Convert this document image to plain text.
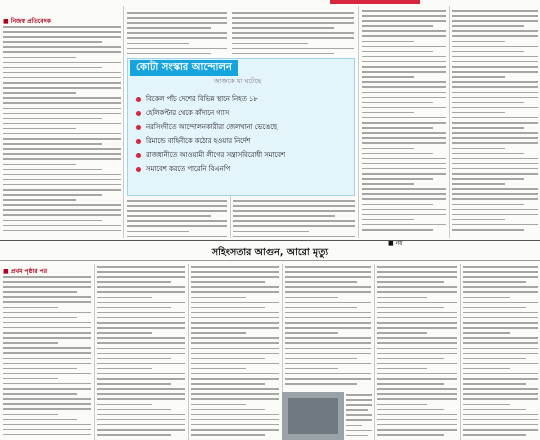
■ নিজস্ব প্রতিবেদক
কোটা সংস্কার আন্দোলন
আজকে যা ঘটেছে
বিকেল পাঁচ দেশের বিভিন্ন স্থানে নিহত ১৮
হেলিকপ্টার থেকে কাঁদানে গ্যাস
নরসিংদীতে আন্দোলনকারীরা জেলখানা ভেঙেছে
রিমান্ডে বাহিনীকে কঠোর হওয়ার নির্দেশ
রাজধানীতে আওয়ামী লীগের সন্ত্রাসবিরোধী সমাবেশ
সমাবেশ করতে পারেনি বিএনপি
■ নয়
সহিংসতার আগুন, আরো মৃত্যু
■ প্রথম পৃষ্ঠার পর
